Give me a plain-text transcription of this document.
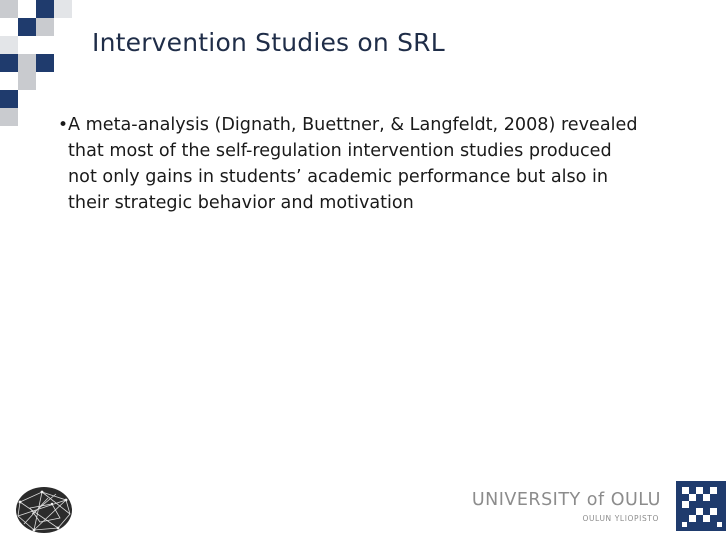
Intervention Studies on SRL
• A meta-analysis (Dignath, Buettner, & Langfeldt, 2008) revealed that most of the self-regulation intervention studies produced not only gains in students’ academic performance but also in their strategic behavior and motivation
UNIVERSITY of OULU
OULUN YLIOPISTO
